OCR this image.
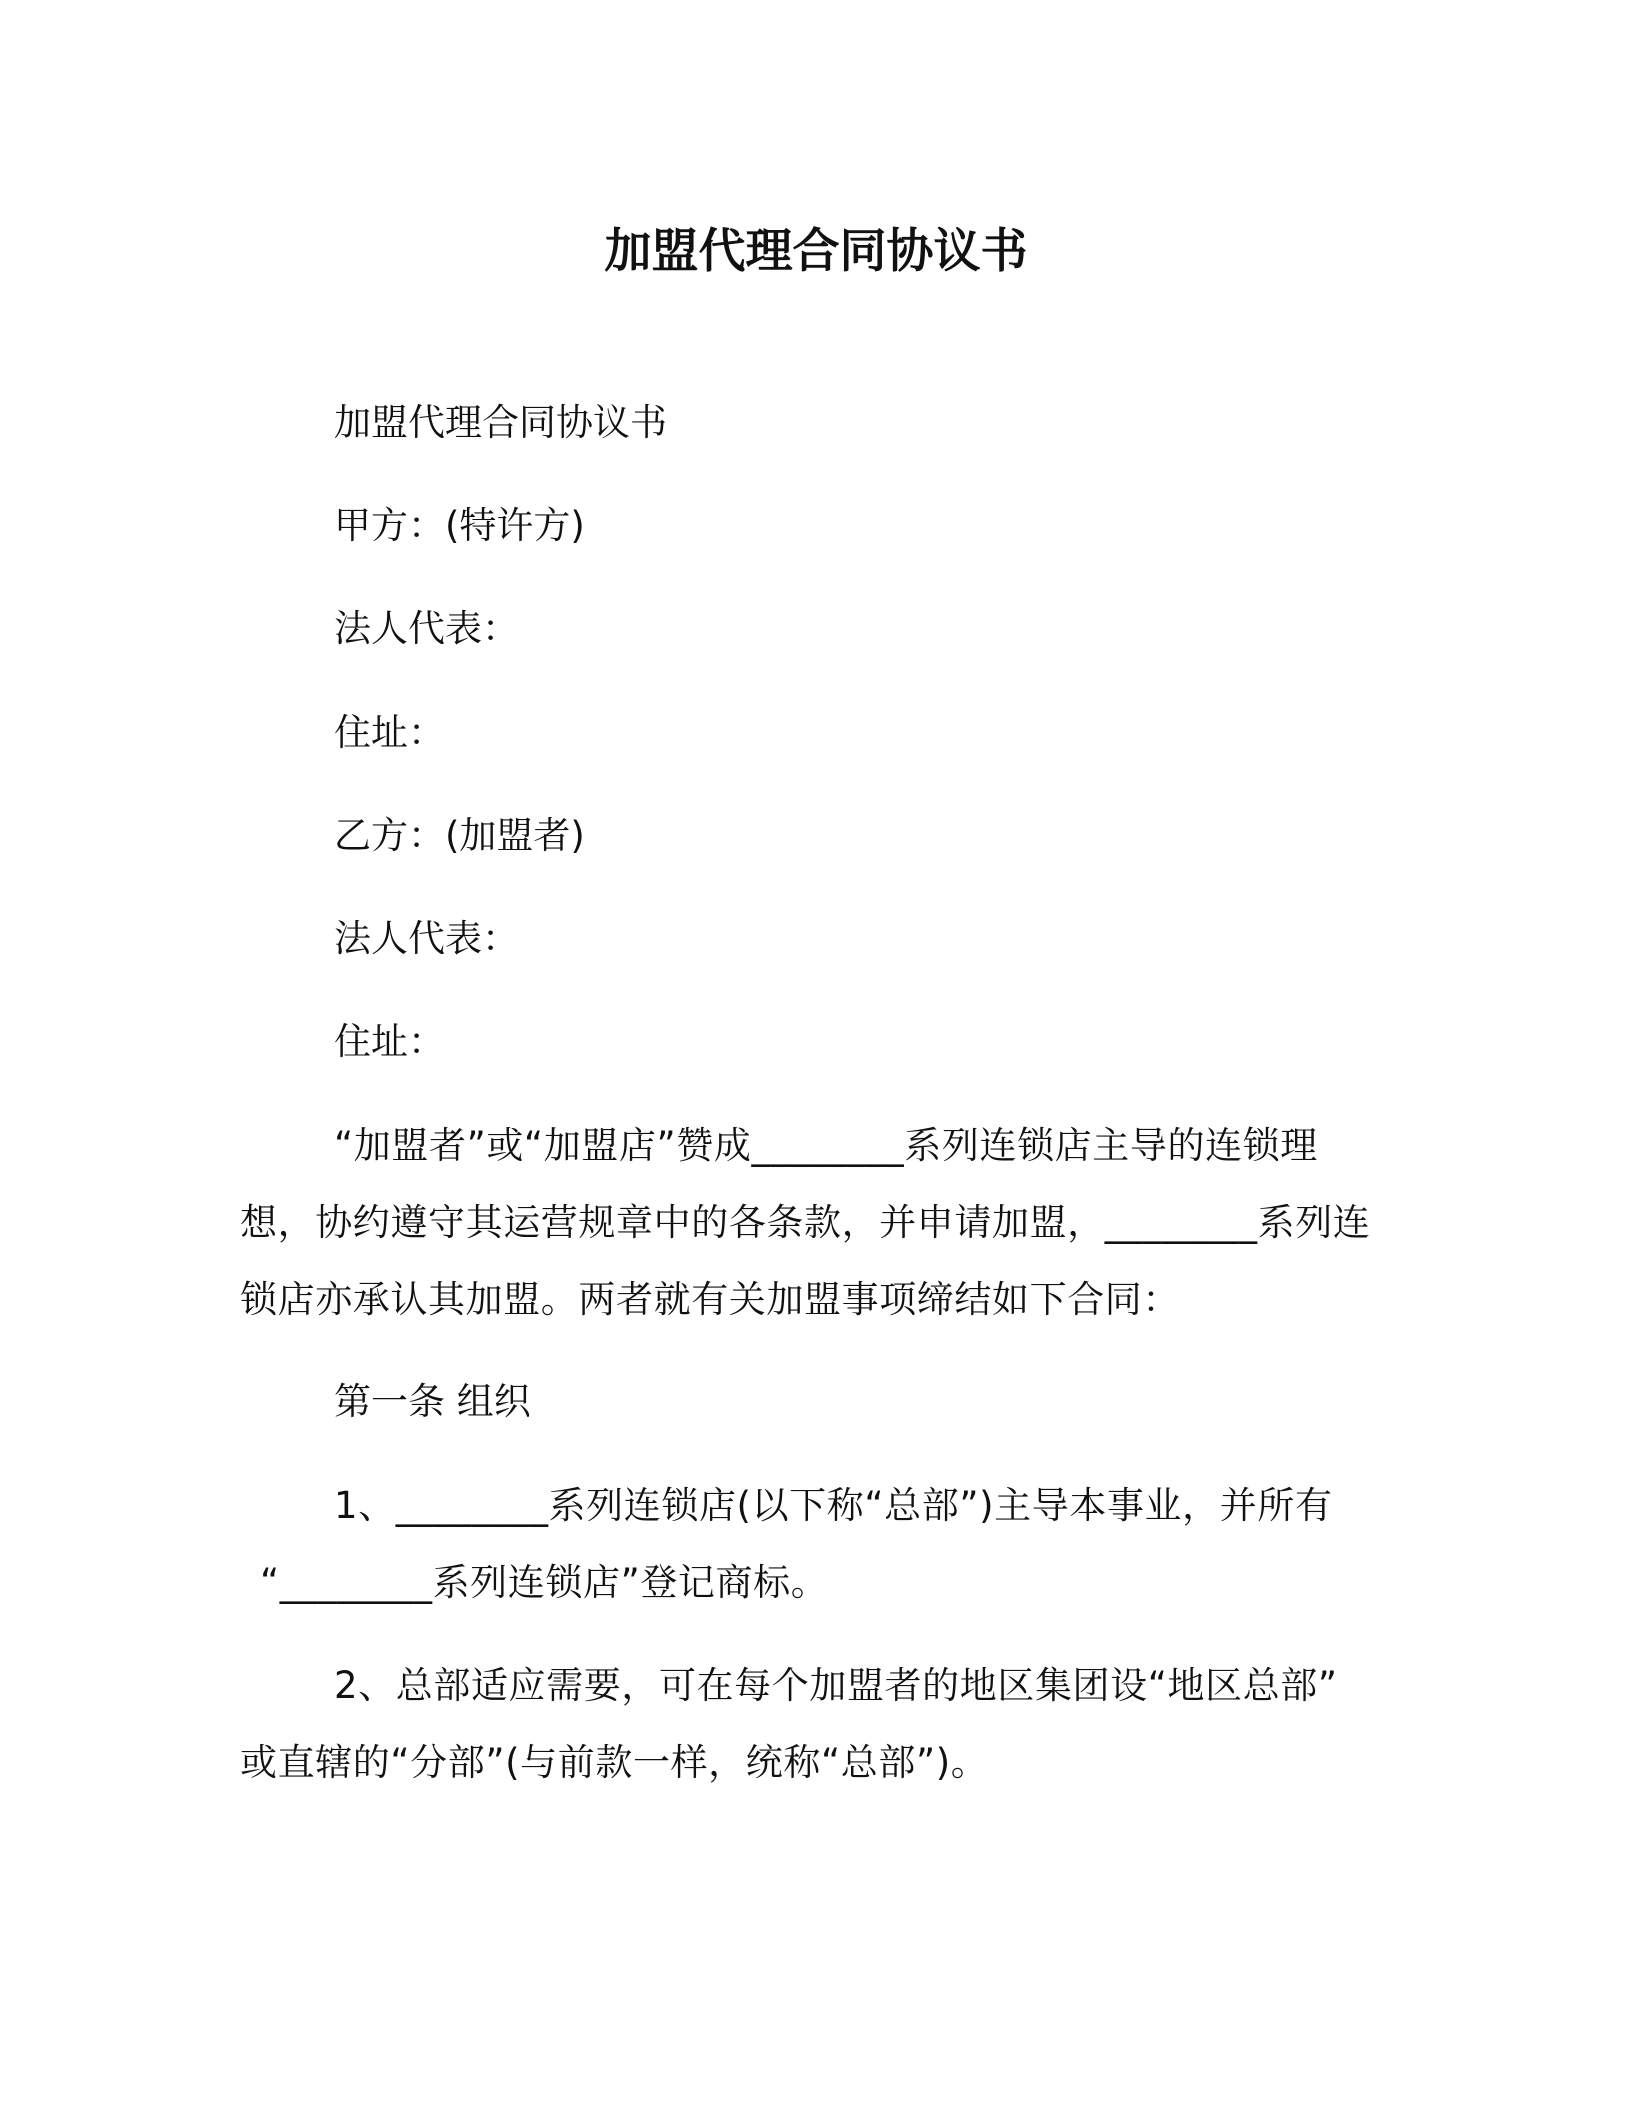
加盟代理合同协议书
加盟代理合同协议书
甲方：(特许方)
法人代表：
住址：
乙方：(加盟者)
法人代表：
住址：
“加盟者”或“加盟店”赞成________系列连锁店主导的连锁理
想，协约遵守其运营规章中的各条款，并申请加盟，________系列连
锁店亦承认其加盟。两者就有关加盟事项缔结如下合同：
第一条 组织
1、________系列连锁店(以下称“总部”)主导本事业，并所有
“________系列连锁店”登记商标。
2、总部适应需要，可在每个加盟者的地区集团设“地区总部”
或直辖的“分部”(与前款一样，统称“总部”)。
